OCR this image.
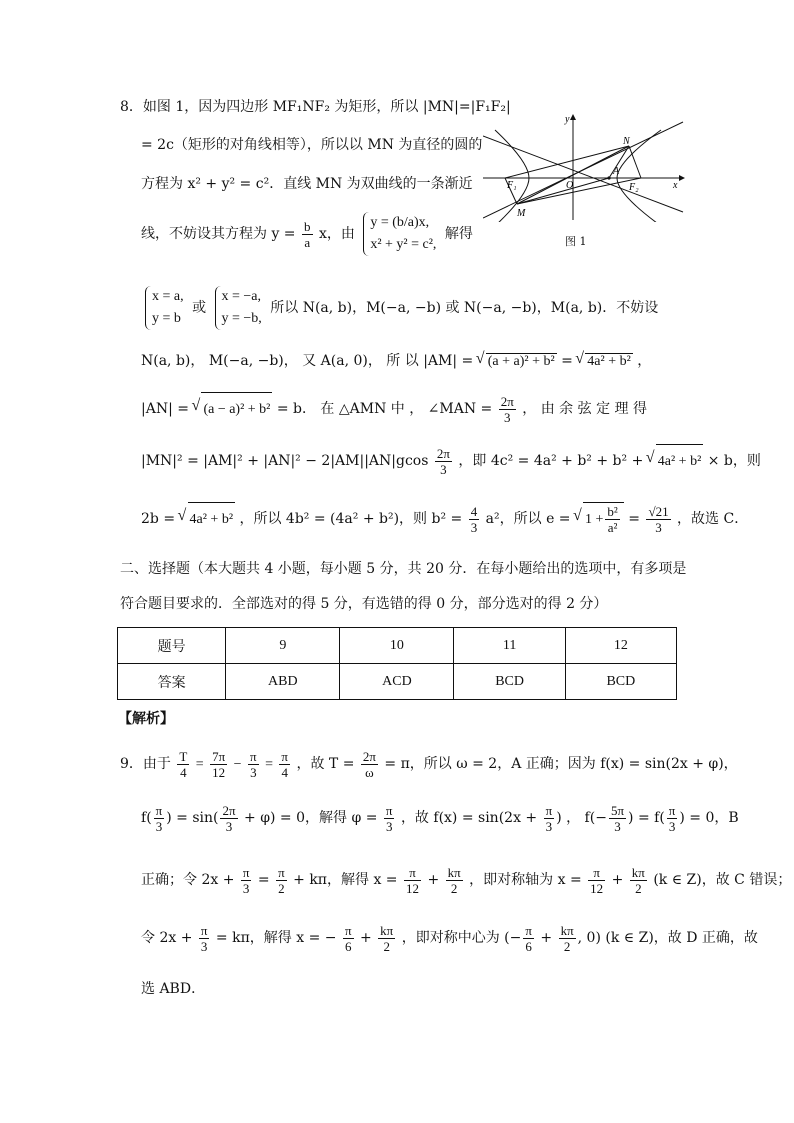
8．如图 1，因为四边形 MF₁NF₂ 为矩形，所以 |MN|=|F₁F₂|
= 2c（矩形的对角线相等），所以以 MN 为直径的圆的
方程为 x² + y² = c²．直线 MN 为双曲线的一条渐近
线，不妨设其方程为 $y = \frac{b}{a}$ x，由
y = (b/a)x,
x² + y² = c²,
解得
x = a,
y = b
或
x = −a,
y = −b,
所以 N(a, b)，M(−a, −b) 或 N(−a, −b)，M(a, b)．不妨设
N(a, b)， M(−a, −b)， 又 A(a, 0)， 所 以 |AM| = √ (a + a)² + b² = √ 4a² + b² ，
|AN| = √ (a − a)² + b² = b． 在 △AMN 中 ， ∠MAN = $\frac{2\pi}{3}$ ， 由 余 弦 定 理 得
$|MN|^2 = |AM|^2 + |AN|^2 - 2|AM||AN|gcos \frac{2\pi}{3}$ ，即 4c² = 4a² + b² + b² + √ 4a² + b² × b，则
2b = √ 4a² + b² ，所以 4b² = (4a² + b²)，则 $b^2 = \frac{4}{3} a^2$，所以 e = √ $1 + \frac{\text{b²}}{\text{a²}} = \frac{√21}{3}$ ，故选 C．
y
x
N
F₁	O
A
F₂
M
图 1
二、选择题（本大题共 4 小题，每小题 5 分，共 20 分．在每小题给出的选项中，有多项是
符合题目要求的．全部选对的得 5 分，有选错的得 0 分，部分选对的得 2 分）
题号	9	10	11	12
答案	ABD	ACD	BCD	BCD
【解析】
9．由于 $\frac{T}{4} = \frac{7\pi}{12} - \frac{\pi}{3} = \frac{\pi}{4}$ ，故 $T = \frac{2\pi}{\omega} = \pi$，所以 ω = 2，A 正确；因为 f(x) = sin(2x + φ)，
$f( \frac{\pi}{3}$ ) = $\sin( \frac{2\pi}{3} + \varphi) = 0$，解得 $\varphi = \frac{\pi}{3}$ ，故 $f(x) = \sin(2x + \frac{\pi}{3}$ ) ， $f(- \frac{5\pi}{3}$ ) = $f( \frac{\pi}{3}$ ) = 0，B
正确；令 $2x + \frac{\pi}{3} = \frac{\pi}{2} + k\pi$，解得 $x = \frac{\pi}{12} + \frac{k\pi}{2}$ ，即对称轴为 $x = \frac{\pi}{12} + \frac{k\pi}{2} (k$ ∈ Z)，故 C 错误；
令 $2x + \frac{\pi}{3} = k\pi$，解得 x = − $\frac{\pi}{6} + \frac{k\pi}{2}$ ，即对称中心为 (− $\frac{\pi}{6} + \frac{k\pi}{2}$ , 0) (k ∈ Z)，故 D 正确，故
选 ABD．
